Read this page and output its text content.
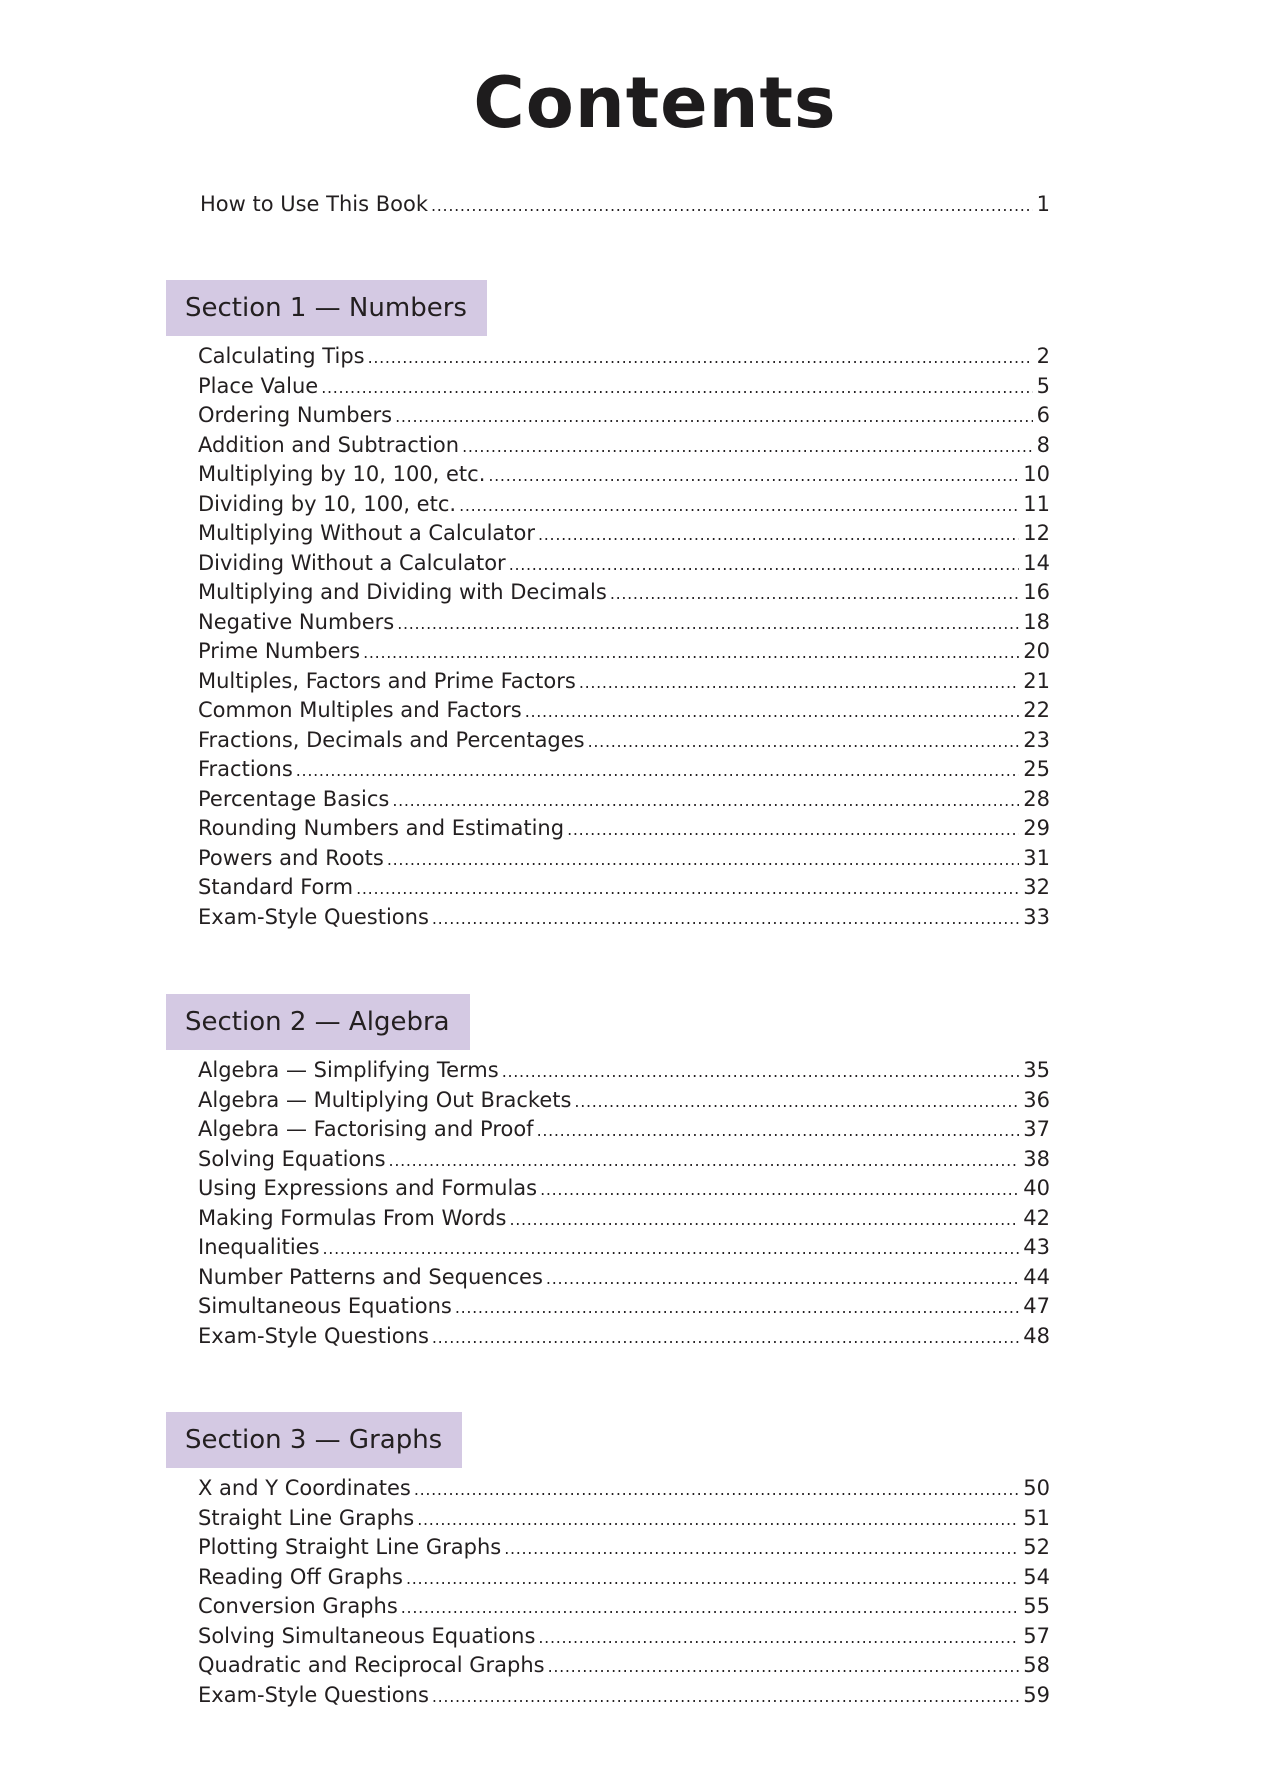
Contents
How to Use This Book . . .	1
Section 1 — Numbers
Calculating Tips . . .	2
Place Value . . .	5
Ordering Numbers . . .	6
Addition and Subtraction . . .	8
Multiplying by 10, 100, etc. . . .	10
Dividing by 10, 100, etc. . . .	11
Multiplying Without a Calculator . . .	12
Dividing Without a Calculator . . .	14
Multiplying and Dividing with Decimals . . .	16
Negative Numbers . . .	18
Prime Numbers . . .	20
Multiples, Factors and Prime Factors . . .	21
Common Multiples and Factors . . .	22
Fractions, Decimals and Percentages . . .	23
Fractions . . .	25
Percentage Basics . . .	28
Rounding Numbers and Estimating . . .	29
Powers and Roots . . .	31
Standard Form . . .	32
Exam-Style Questions . . .	33
Section 2 — Algebra
Algebra — Simplifying Terms . . .	35
Algebra — Multiplying Out Brackets . . .	36
Algebra — Factorising and Proof . . .	37
Solving Equations . . .	38
Using Expressions and Formulas . . .	40
Making Formulas From Words . . .	42
Inequalities . . .	43
Number Patterns and Sequences . . .	44
Simultaneous Equations . . .	47
Exam-Style Questions . . .	48
Section 3 — Graphs
X and Y Coordinates . . .	50
Straight Line Graphs . . .	51
Plotting Straight Line Graphs . . .	52
Reading Off Graphs . . .	54
Conversion Graphs . . .	55
Solving Simultaneous Equations . . .	57
Quadratic and Reciprocal Graphs . . .	58
Exam-Style Questions . . .	59
